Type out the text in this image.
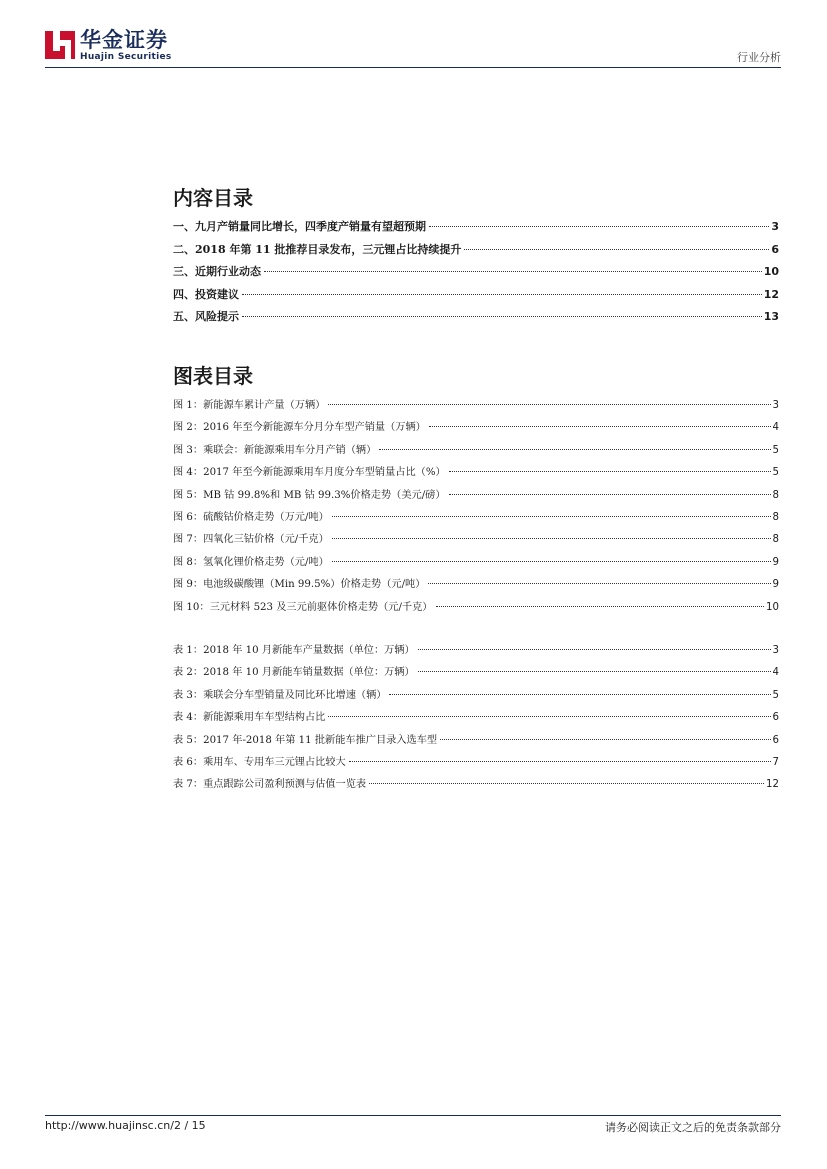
华金证券
Huajin Securities	行业分析
内容目录
一、九月产销量同比增长，四季度产销量有望超预期	3
二、2018 年第 11 批推荐目录发布，三元锂占比持续提升	6
三、近期行业动态	10
四、投资建议	12
五、风险提示	13
图表目录
图 1：新能源车累计产量（万辆）	3
图 2：2016 年至今新能源车分月分车型产销量（万辆）	4
图 3：乘联会：新能源乘用车分月产销（辆）	5
图 4：2017 年至今新能源乘用车月度分车型销量占比（%）	5
图 5：MB 钴 99.8%和 MB 钴 99.3%价格走势（美元/磅）	8
图 6：硫酸钴价格走势（万元/吨）	8
图 7：四氧化三钴价格（元/千克）	8
图 8：氢氧化锂价格走势（元/吨）	9
图 9：电池级碳酸锂（Min 99.5%）价格走势（元/吨）	9
图 10：三元材料 523 及三元前驱体价格走势（元/千克）	10
表 1：2018 年 10 月新能车产量数据（单位：万辆）	3
表 2：2018 年 10 月新能车销量数据（单位：万辆）	4
表 3：乘联会分车型销量及同比环比增速（辆）	5
表 4：新能源乘用车车型结构占比	6
表 5：2017 年-2018 年第 11 批新能车推广目录入选车型	6
表 6：乘用车、专用车三元锂占比较大	7
表 7：重点跟踪公司盈利预测与估值一览表	12
http://www.huajinsc.cn/2 / 15	请务必阅读正文之后的免责条款部分
